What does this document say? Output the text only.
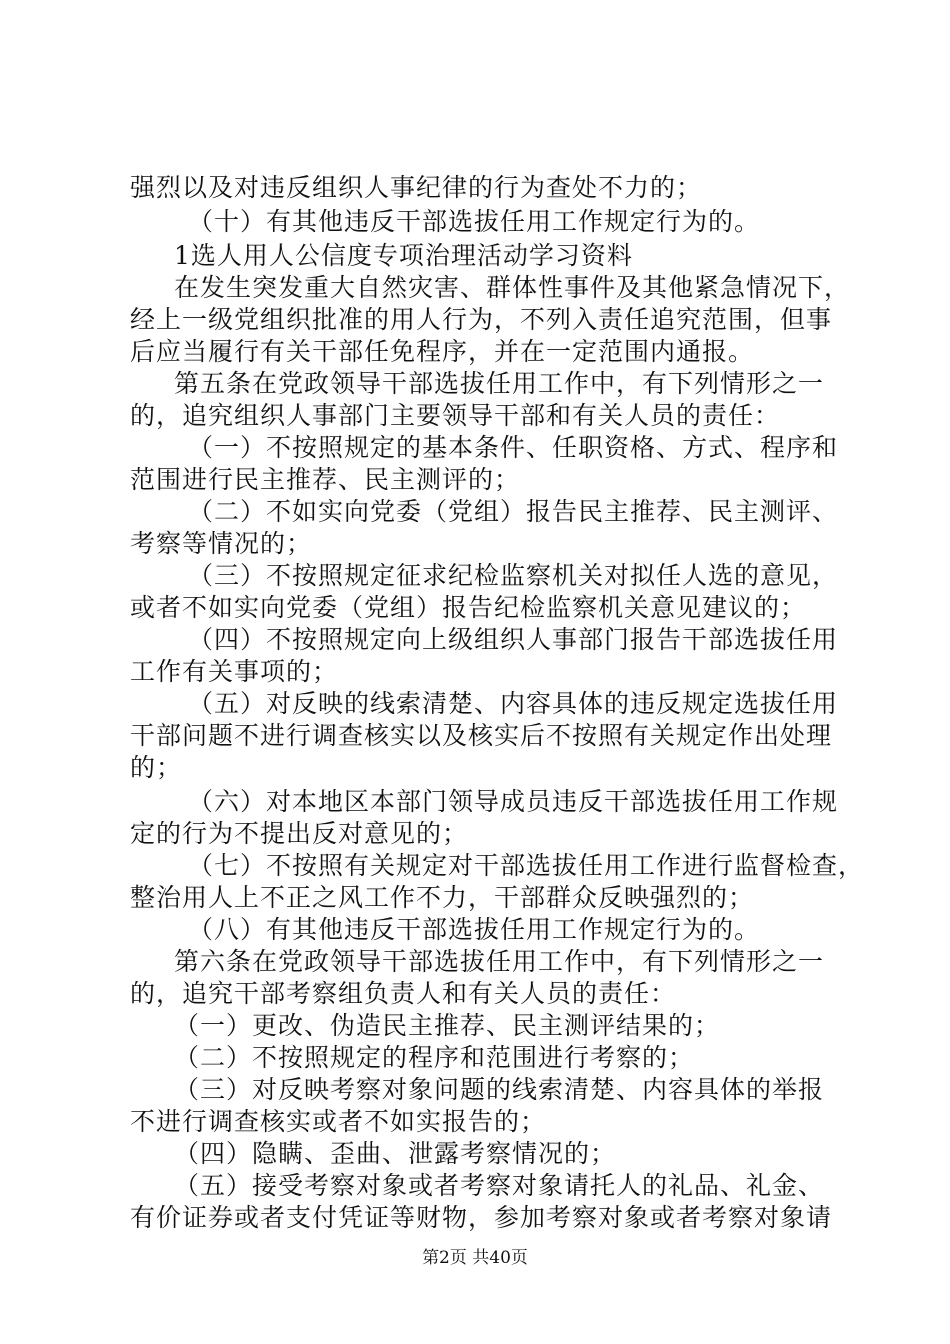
强烈以及对违反组织人事纪律的行为查处不力的；
（十）有其他违反干部选拔任用工作规定行为的。
1选人用人公信度专项治理活动学习资料
在发生突发重大自然灾害、群体性事件及其他紧急情况下，
经上一级党组织批准的用人行为，不列入责任追究范围，但事
后应当履行有关干部任免程序，并在一定范围内通报。
第五条在党政领导干部选拔任用工作中，有下列情形之一
的，追究组织人事部门主要领导干部和有关人员的责任：
（一）不按照规定的基本条件、任职资格、方式、程序和
范围进行民主推荐、民主测评的；
（二）不如实向党委（党组）报告民主推荐、民主测评、
考察等情况的；
（三）不按照规定征求纪检监察机关对拟任人选的意见，
或者不如实向党委（党组）报告纪检监察机关意见建议的；
（四）不按照规定向上级组织人事部门报告干部选拔任用
工作有关事项的；
（五）对反映的线索清楚、内容具体的违反规定选拔任用
干部问题不进行调查核实以及核实后不按照有关规定作出处理
的；
（六）对本地区本部门领导成员违反干部选拔任用工作规
定的行为不提出反对意见的；
（七）不按照有关规定对干部选拔任用工作进行监督检查，
整治用人上不正之风工作不力，干部群众反映强烈的；
（八）有其他违反干部选拔任用工作规定行为的。
第六条在党政领导干部选拔任用工作中，有下列情形之一
的，追究干部考察组负责人和有关人员的责任：
（一）更改、伪造民主推荐、民主测评结果的；
（二）不按照规定的程序和范围进行考察的；
（三）对反映考察对象问题的线索清楚、内容具体的举报
不进行调查核实或者不如实报告的；
（四）隐瞒、歪曲、泄露考察情况的；
（五）接受考察对象或者考察对象请托人的礼品、礼金、
有价证券或者支付凭证等财物，参加考察对象或者考察对象请
第2页 共40页
